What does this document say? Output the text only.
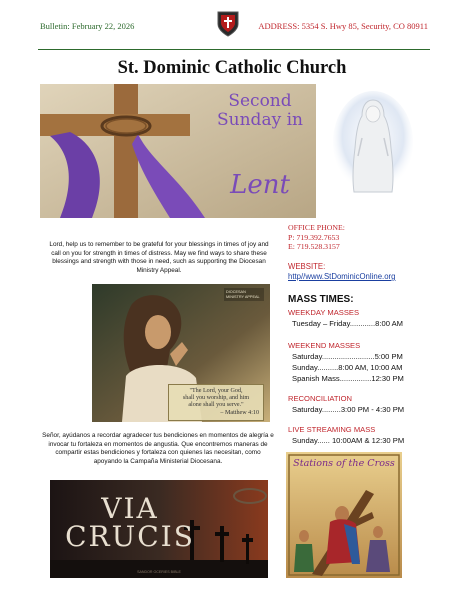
Bulletin: February 22, 2026	ADDRESS: 5354 S. Hwy 85, Security, CO 80911
St. Dominic Catholic Church
Second
Sunday in
Lent
OFFICE PHONE:
P: 719.392.7653
E: 719.528.3157
WEBSITE:
http//www.StDominicOnline.org
MASS TIMES:
WEEKDAY MASSES
Tuesday – Friday............8:00 AM
WEEKEND MASSES
Saturday.........................5:00 PM
Sunday..........8:00 AM, 10:00 AM
Spanish Mass...............12:30 PM
RECONCILIATION
Saturday.........3:00 PM - 4:30 PM
LIVE STREAMING MASS
Sunday...... 10:00AM & 12:30 PM
Lord, help us to remember to be grateful for your blessings in times of joy and call on you for strength in times of distress. May we find ways to share these blessings and strength with those in need, such as supporting the Diocesan Ministry Appeal.
DIOCESAN MINISTRY APPEAL
"The Lord, your God,
shall you worship, and him
alone shall you serve."
– Matthew 4:10
Señor, ayúdanos a recordar agradecer tus bendiciones en momentos de alegría e invocar tu fortaleza en momentos de angustia. Que encontremos maneras de compartir estas bendiciones y fortaleza con quienes las necesitan, como apoyando la Campaña Ministerial Diocesana.
VIA
CRUCIS
SANDOR OCERIES BIBLE
Stations of the Cross
